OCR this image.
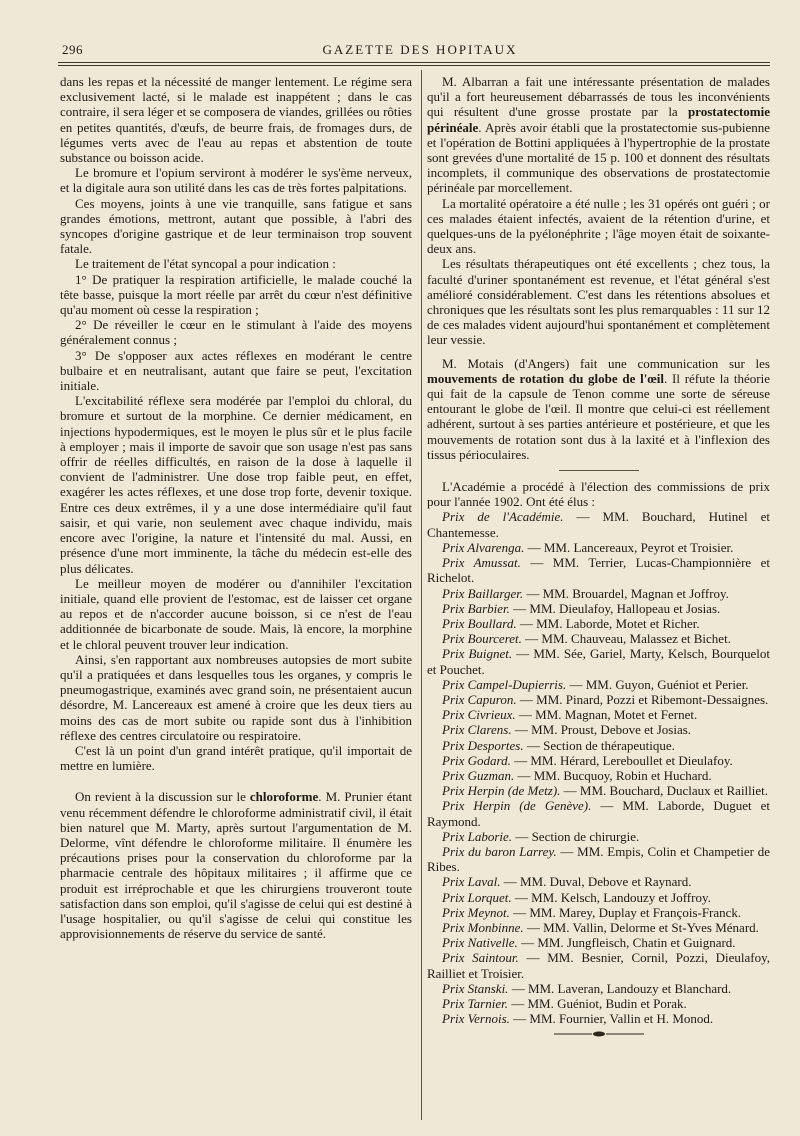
296	GAZETTE DES HOPITAUX

dans les repas et la nécessité de manger lentement. Le régime sera exclusivement lacté, si le malade est inappétent ; dans le cas contraire, il sera léger et se composera de viandes, grillées ou rôties en petites quantités, d'œufs, de beurre frais, de fromages durs, de légumes verts avec de l'eau au repas et abstention de toute substance ou boisson acide.

Le bromure et l'opium serviront à modérer le sys'ème nerveux, et la digitale aura son utilité dans les cas de très fortes palpitations.

Ces moyens, joints à une vie tranquille, sans fatigue et sans grandes émotions, mettront, autant que possible, à l'abri des syncopes d'origine gastrique et de leur terminaison trop souvent fatale.

Le traitement de l'état syncopal a pour indication :

1° De pratiquer la respiration artificielle, le malade couché la tête basse, puisque la mort réelle par arrêt du cœur n'est définitive qu'au moment où cesse la respiration ;

2° De réveiller le cœur en le stimulant à l'aide des moyens généralement connus ;

3° De s'opposer aux actes réflexes en modérant le centre bulbaire et en neutralisant, autant que faire se peut, l'excitation initiale.

L'excitabilité réflexe sera modérée par l'emploi du chloral, du bromure et surtout de la morphine. Ce dernier médicament, en injections hypodermiques, est le moyen le plus sûr et le plus facile à employer ; mais il importe de savoir que son usage n'est pas sans offrir de réelles difficultés, en raison de la dose à laquelle il convient de l'administrer. Une dose trop faible peut, en effet, exagérer les actes réflexes, et une dose trop forte, devenir toxique. Entre ces deux extrêmes, il y a une dose intermédiaire qu'il faut saisir, et qui varie, non seulement avec chaque individu, mais encore avec l'origine, la nature et l'intensité du mal. Aussi, en présence d'une mort imminente, la tâche du médecin est-elle des plus délicates.

Le meilleur moyen de modérer ou d'annihiler l'excitation initiale, quand elle provient de l'estomac, est de laisser cet organe au repos et de n'accorder aucune boisson, si ce n'est de l'eau additionnée de bicarbonate de soude. Mais, là encore, la morphine et le chloral peuvent trouver leur indication.

Ainsi, s'en rapportant aux nombreuses autopsies de mort subite qu'il a pratiquées et dans lesquelles tous les organes, y compris le pneumogastrique, examinés avec grand soin, ne présentaient aucun désordre, M. Lancereaux est amené à croire que les deux tiers au moins des cas de mort subite ou rapide sont dus à l'inhibition réflexe des centres circulatoire ou respiratoire.

C'est là un point d'un grand intérêt pratique, qu'il importait de mettre en lumière.

On revient à la discussion sur le chloroforme. M. Prunier étant venu récemment défendre le chloroforme administratif civil, il était bien naturel que M. Marty, après surtout l'argumentation de M. Delorme, vînt défendre le chloroforme militaire. Il énumère les précautions prises pour la conservation du chloroforme par la pharmacie centrale des hôpitaux militaires ; il affirme que ce produit est irréprochable et que les chirurgiens trouveront toute satisfaction dans son emploi, qu'il s'agisse de celui qui est destiné à l'usage hospitalier, ou qu'il s'agisse de celui qui constitue les approvisionnements de réserve du service de santé.

M. Albarran a fait une intéressante présentation de malades qu'il a fort heureusement débarrassés de tous les inconvénients qui résultent d'une grosse prostate par la prostatectomie périnéale. Après avoir établi que la prostatectomie sus-pubienne et l'opération de Bottini appliquées à l'hypertrophie de la prostate sont grevées d'une mortalité de 15 p. 100 et donnent des résultats incomplets, il communique des observations de prostatectomie périnéale par morcellement.

La mortalité opératoire a été nulle ; les 31 opérés ont guéri ; or ces malades étaient infectés, avaient de la rétention d'urine, et quelques-uns de la pyélonéphrite ; l'âge moyen était de soixante-deux ans.

Les résultats thérapeutiques ont été excellents ; chez tous, la faculté d'uriner spontanément est revenue, et l'état général s'est amélioré considérablement. C'est dans les rétentions absolues et chroniques que les résultats sont les plus remarquables : 11 sur 12 de ces malades vident aujourd'hui spontanément et complètement leur vessie.

M. Motais (d'Angers) fait une communication sur les mouvements de rotation du globe de l'œil. Il réfute la théorie qui fait de la capsule de Tenon comme une sorte de séreuse entourant le globe de l'œil. Il montre que celui-ci est réellement adhérent, surtout à ses parties antérieure et postérieure, et que les mouvements de rotation sont dus à la laxité et à l'inflexion des tissus périoculaires.

L'Académie a procédé à l'élection des commissions de prix pour l'année 1902. Ont été élus :

Prix de l'Académie. — MM. Bouchard, Hutinel et Chantemesse.

Prix Alvarenga. — MM. Lancereaux, Peyrot et Troisier.

Prix Amussat. — MM. Terrier, Lucas-Championnière et Richelot.

Prix Baillarger. — MM. Brouardel, Magnan et Joffroy.

Prix Barbier. — MM. Dieulafoy, Hallopeau et Josias.

Prix Boullard. — MM. Laborde, Motet et Richer.

Prix Bourceret. — MM. Chauveau, Malassez et Bichet.

Prix Buignet. — MM. Sée, Gariel, Marty, Kelsch, Bourquelot et Pouchet.

Prix Campel-Dupierris. — MM. Guyon, Guéniot et Perier.

Prix Capuron. — MM. Pinard, Pozzi et Ribemont-Dessaignes.

Prix Civrieux. — MM. Magnan, Motet et Fernet.

Prix Clarens. — MM. Proust, Debove et Josias.

Prix Desportes. — Section de thérapeutique.

Prix Godard. — MM. Hérard, Lereboullet et Dieulafoy.

Prix Guzman. — MM. Bucquoy, Robin et Huchard.

Prix Herpin (de Metz). — MM. Bouchard, Duclaux et Railliet.

Prix Herpin (de Genève). — MM. Laborde, Duguet et Raymond.

Prix Laborie. — Section de chirurgie.

Prix du baron Larrey. — MM. Empis, Colin et Champetier de Ribes.

Prix Laval. — MM. Duval, Debove et Raynard.

Prix Lorquet. — MM. Kelsch, Landouzy et Joffroy.

Prix Meynot. — MM. Marey, Duplay et François-Franck.

Prix Monbinne. — MM. Vallin, Delorme et St-Yves Ménard.

Prix Nativelle. — MM. Jungfleisch, Chatin et Guignard.

Prix Saintour. — MM. Besnier, Cornil, Pozzi, Dieulafoy, Railliet et Troisier.

Prix Stanski. — MM. Laveran, Landouzy et Blanchard.

Prix Tarnier. — MM. Guéniot, Budin et Porak.

Prix Vernois. — MM. Fournier, Vallin et H. Monod.
